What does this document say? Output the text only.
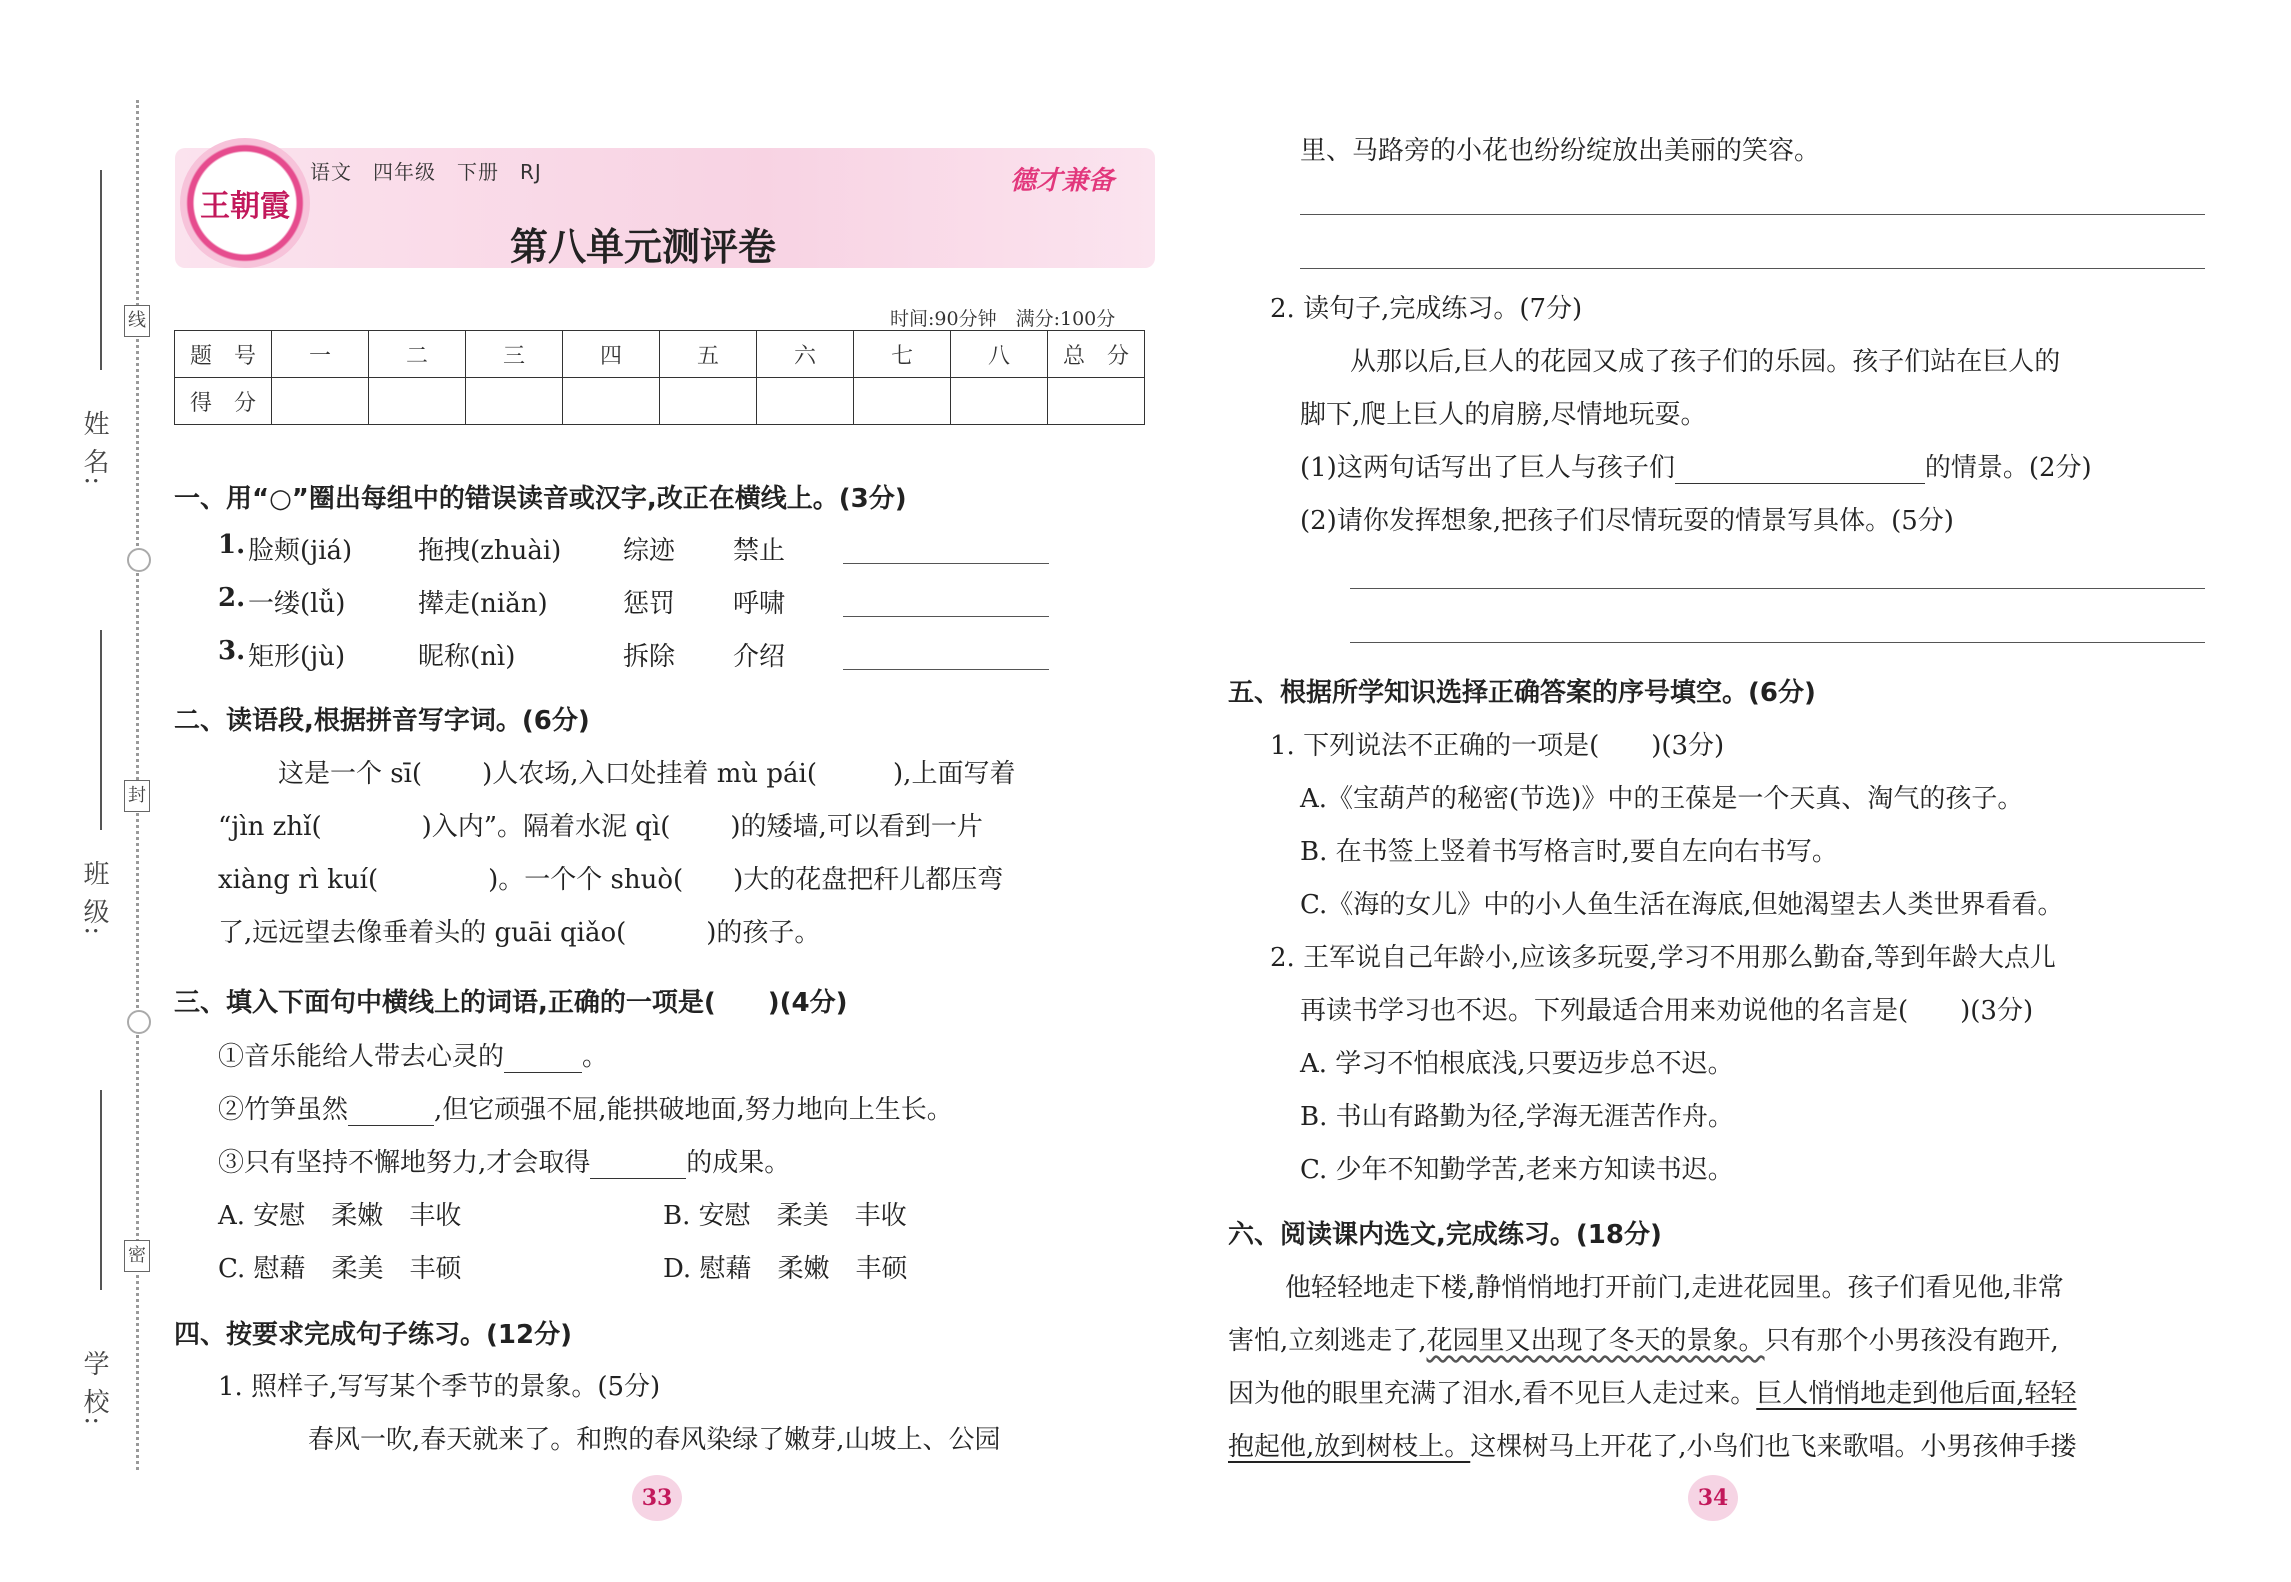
姓 名:
线
班 级:
封
学 校:
密
王朝霞
语文　四年级　下册　RJ
第八单元测评卷
德才兼备
时间:90分钟　满分:100分
题　号	一	二	三	四	五	六	七	八	总　分
得　分									
一、用“○”圈出每组中的错误读音或汉字,改正在横线上。(3分)
1. 脸颊(jiá)	拖拽(zhuài) 综迹 禁止
2. 一缕(lǚ)	撵走(niǎn)	惩罚 呼啸
3. 矩形(jù)	昵称(nì)	拆除 介绍
二、读语段,根据拼音写字词。(6分)
这是一个 sī( )人农场,入口处挂着 mù pái(	),上面写着
“jìn zhǐ(	)入内”。隔着水泥 qì( )的矮墙,可以看到一片
xiàng rì kuí(	)。一个个 shuò( )大的花盘把秆儿都压弯
了,远远望去像垂着头的 guāi qiǎo(	)的孩子。
三、填入下面句中横线上的词语,正确的一项是(　　)(4分)
①音乐能给人带去心灵的	。
②竹笋虽然	,但它顽强不屈,能拱破地面,努力地向上生长。
③只有坚持不懈地努力,才会取得	的成果。
A. 安慰　柔嫩　丰收	B. 安慰　柔美　丰收
C. 慰藉　柔美　丰硕	D. 慰藉　柔嫩　丰硕
四、按要求完成句子练习。(12分)
1. 照样子,写写某个季节的景象。(5分)
春风一吹,春天就来了。和煦的春风染绿了嫩芽,山坡上、公园
33
里、马路旁的小花也纷纷绽放出美丽的笑容。
2. 读句子,完成练习。(7分)
从那以后,巨人的花园又成了孩子们的乐园。孩子们站在巨人的
脚下,爬上巨人的肩膀,尽情地玩耍。
(1)这两句话写出了巨人与孩子们	的情景。(2分)
(2)请你发挥想象,把孩子们尽情玩耍的情景写具体。(5分)
五、根据所学知识选择正确答案的序号填空。(6分)
1. 下列说法不正确的一项是(　　)(3分)
A.《宝葫芦的秘密(节选)》中的王葆是一个天真、淘气的孩子。
B. 在书签上竖着书写格言时,要自左向右书写。
C.《海的女儿》中的小人鱼生活在海底,但她渴望去人类世界看看。
2. 王军说自己年龄小,应该多玩耍,学习不用那么勤奋,等到年龄大点儿
再读书学习也不迟。下列最适合用来劝说他的名言是(　　)(3分)
A. 学习不怕根底浅,只要迈步总不迟。
B. 书山有路勤为径,学海无涯苦作舟。
C. 少年不知勤学苦,老来方知读书迟。
六、阅读课内选文,完成练习。(18分)
他轻轻地走下楼,静悄悄地打开前门,走进花园里。孩子们看见他,非常
害怕,立刻逃走了,花园里又出现了冬天的景象。只有那个小男孩没有跑开,
因为他的眼里充满了泪水,看不见巨人走过来。巨人悄悄地走到他后面,轻轻
抱起他,放到树枝上。这棵树马上开花了,小鸟们也飞来歌唱。小男孩伸手搂
34
